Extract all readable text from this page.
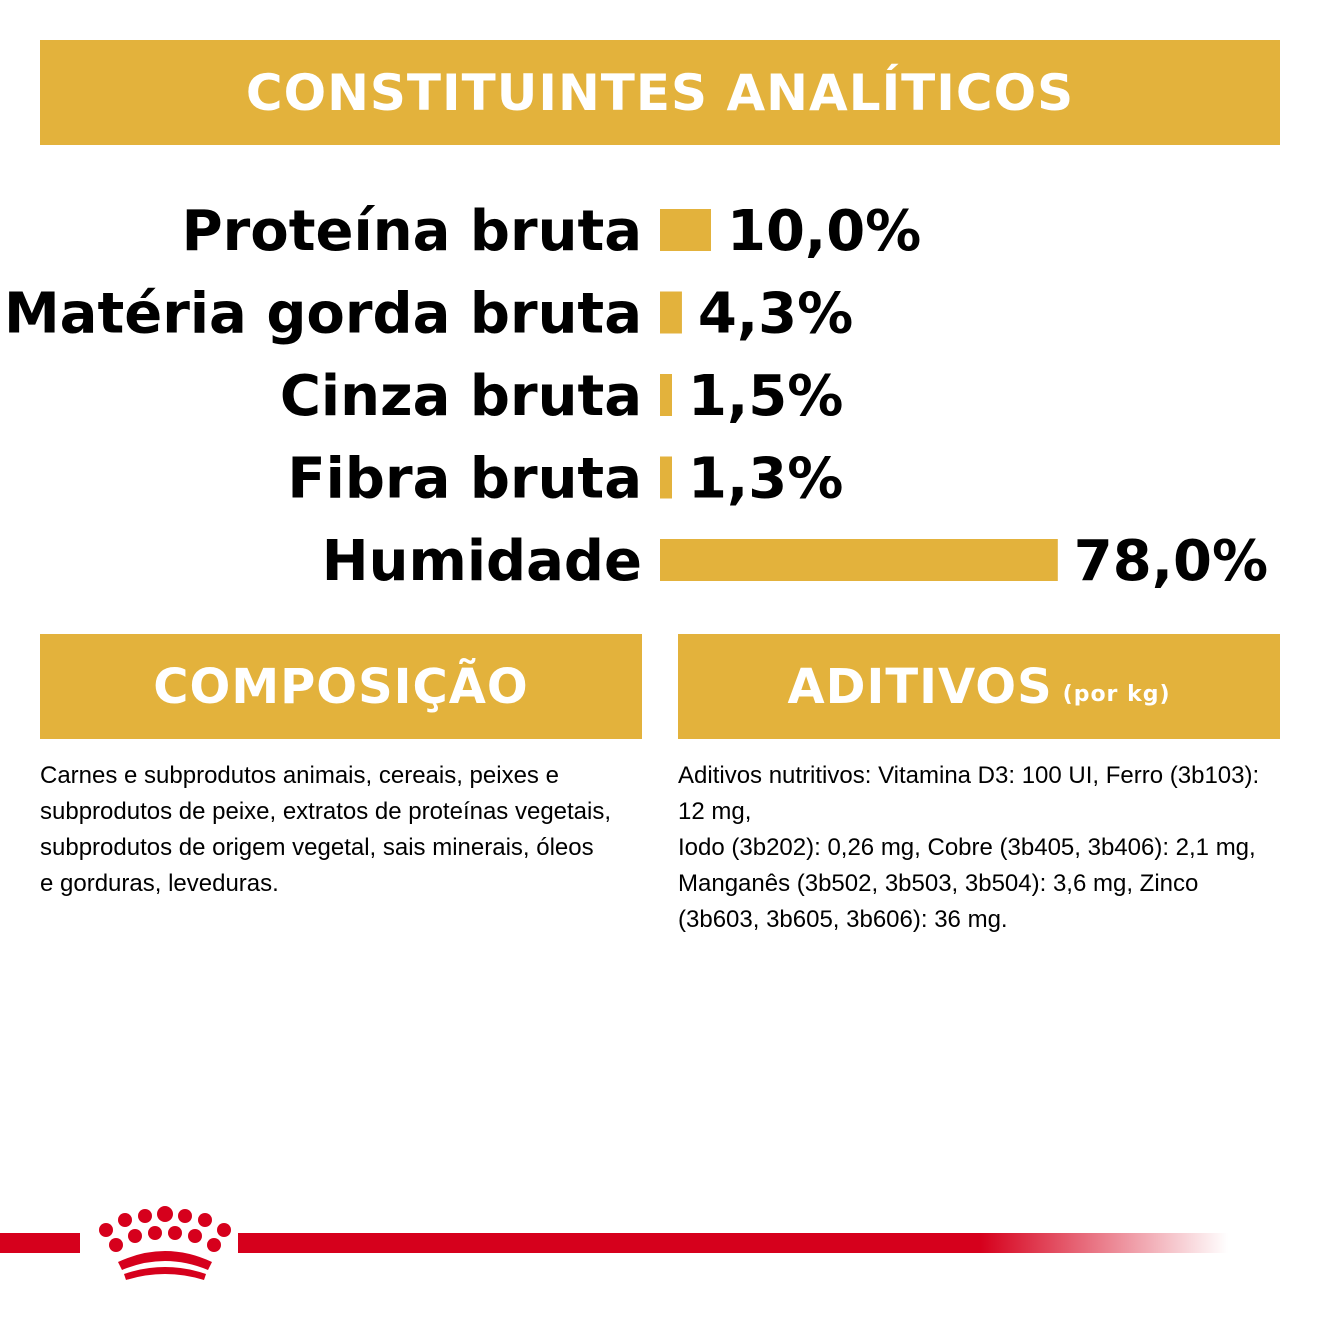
CONSTITUINTES ANALÍTICOS
Proteína bruta 10,0%
Matéria gorda bruta 4,3%
Cinza bruta 1,5%
Fibra bruta 1,3%
Humidade	78,0%
COMPOSIÇÃO	ADITIVOS (por kg)
Carnes e subprodutos animais, cereais, peixes e
subprodutos de peixe, extratos de proteínas vegetais,
subprodutos de origem vegetal, sais minerais, óleos
e gorduras, leveduras.
Aditivos nutritivos: Vitamina D3: 100 UI, Ferro (3b103): 12 mg,
Iodo (3b202): 0,26 mg, Cobre (3b405, 3b406): 2,1 mg,
Manganês (3b502, 3b503, 3b504): 3,6 mg, Zinco
(3b603, 3b605, 3b606): 36 mg.
